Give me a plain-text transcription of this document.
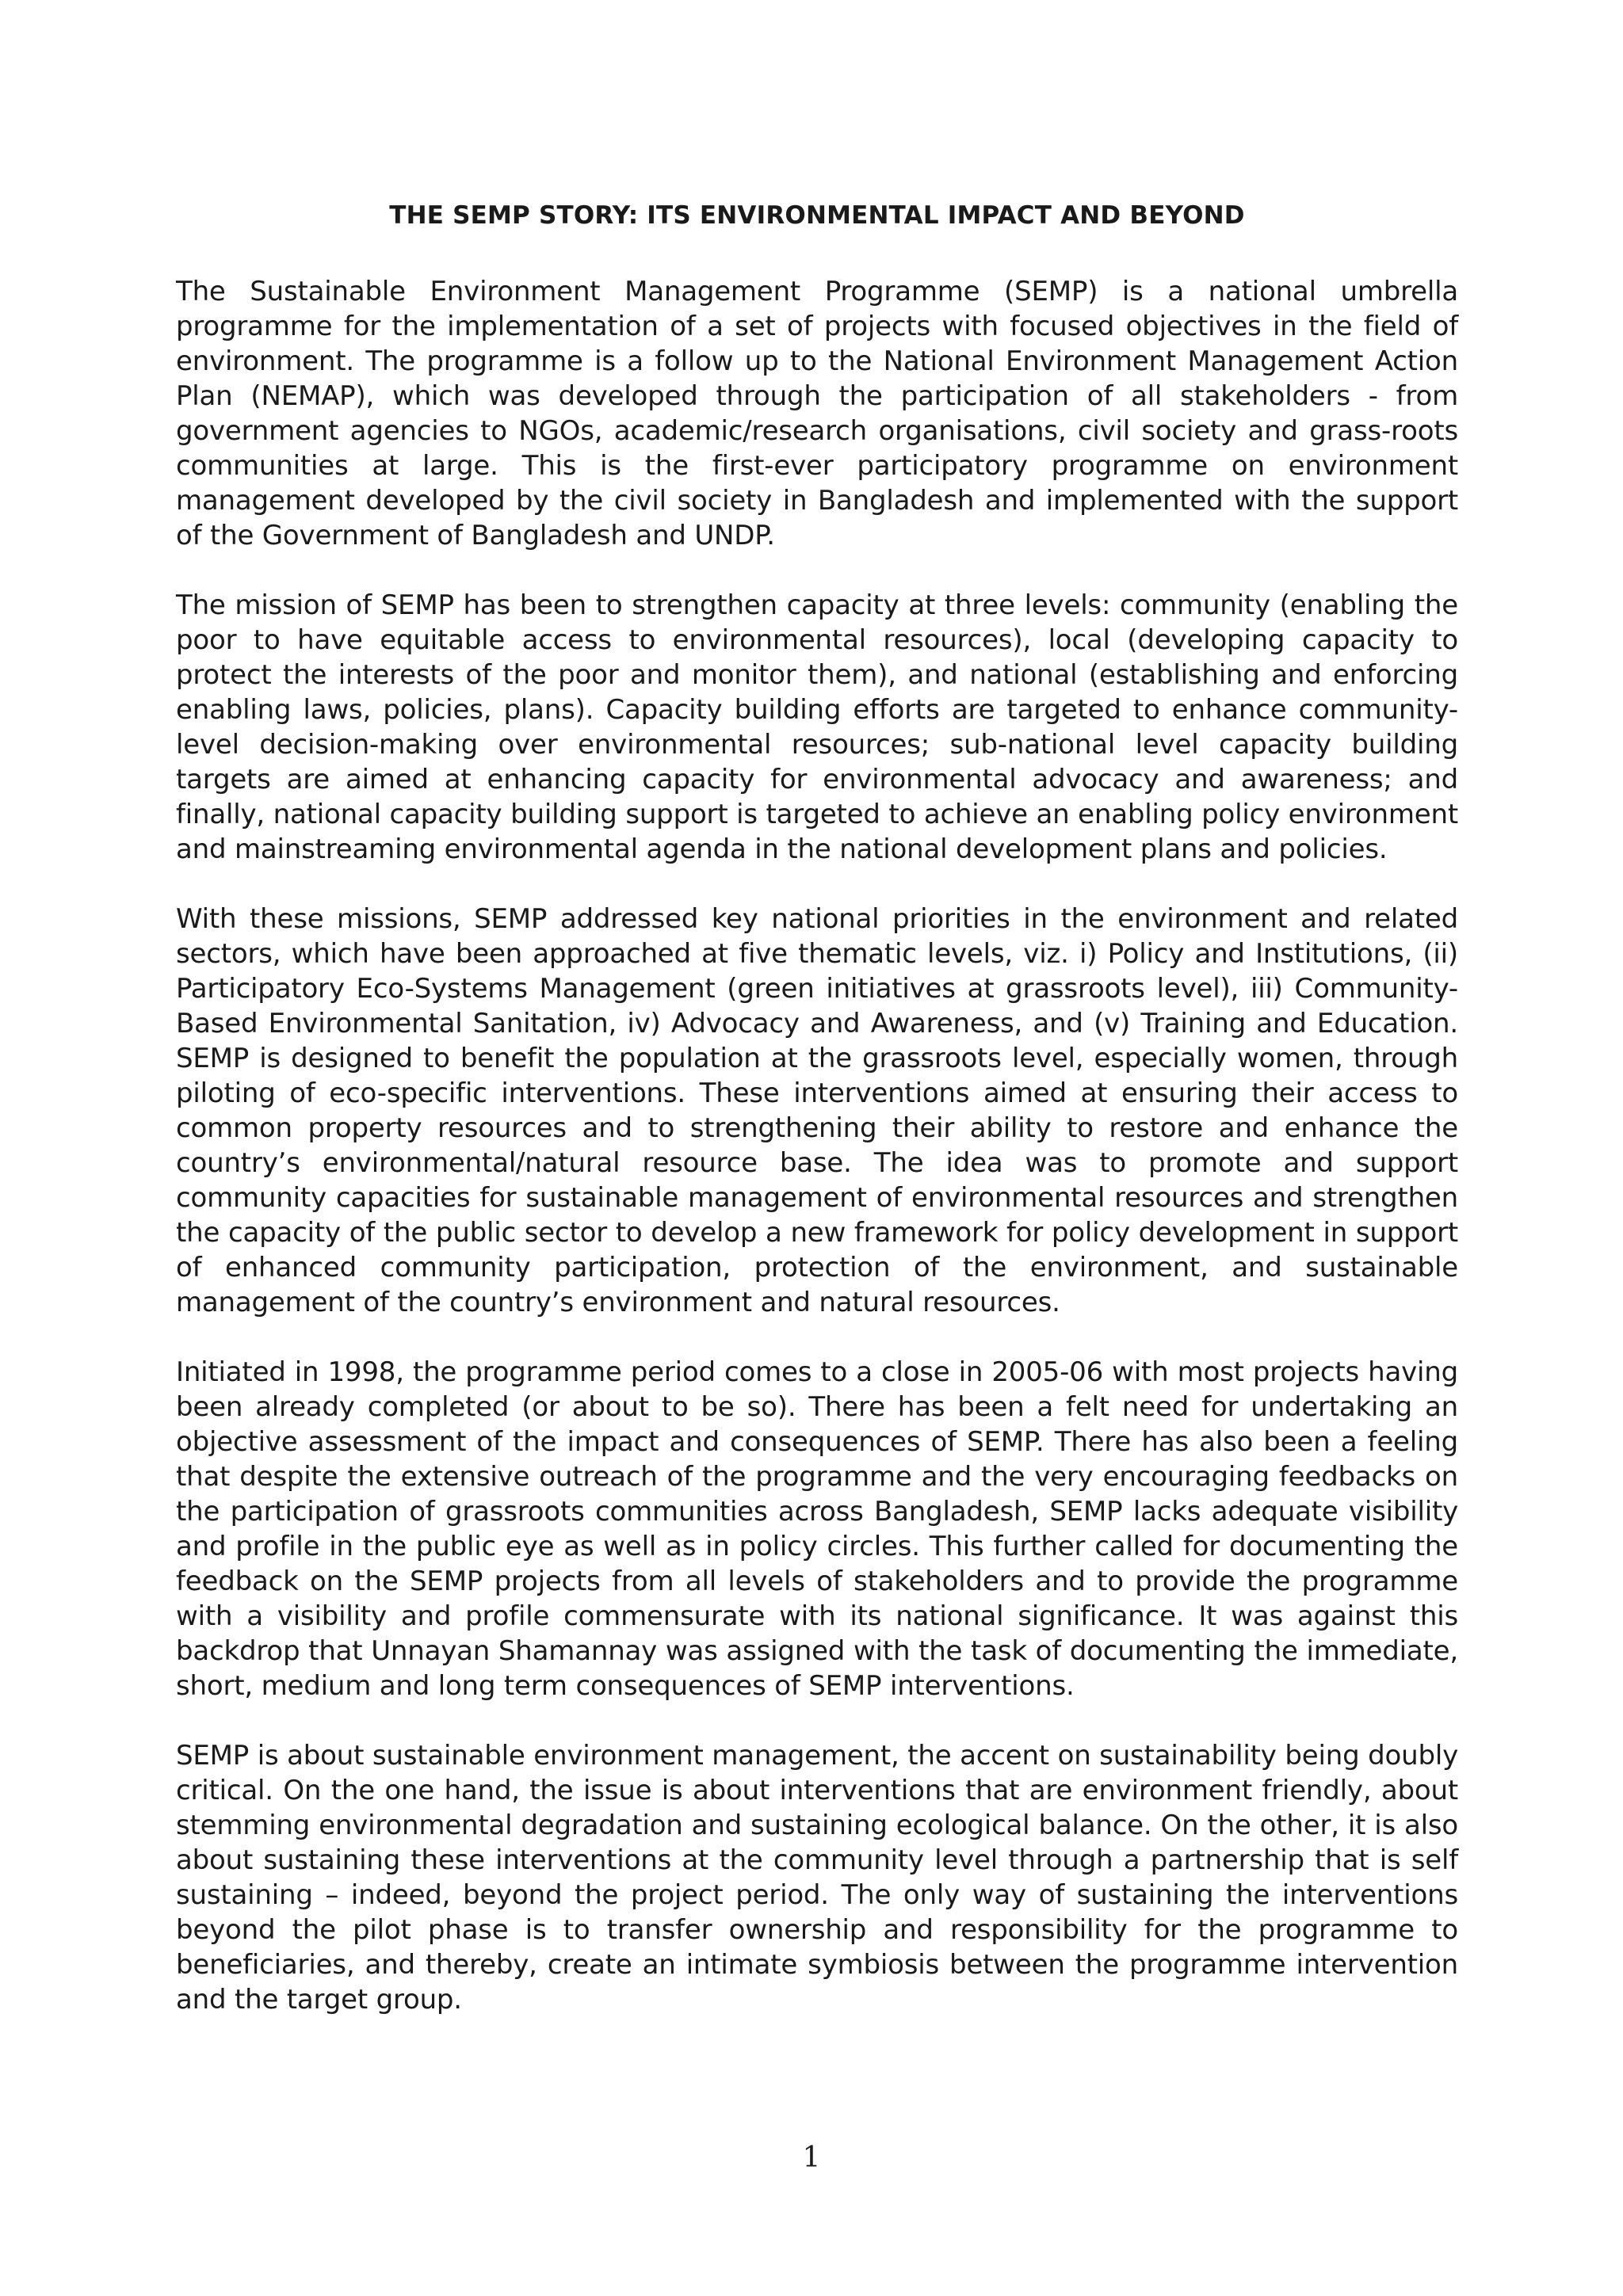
THE SEMP STORY: ITS ENVIRONMENTAL IMPACT AND BEYOND

The Sustainable Environment Management Programme (SEMP) is a national umbrella programme for the implementation of a set of projects with focused objectives in the field of environment. The programme is a follow up to the National Environment Management Action Plan (NEMAP), which was developed through the participation of all stakeholders - from government agencies to NGOs, academic/research organisations, civil society and grass-roots communities at large. This is the first-ever participatory programme on environment management developed by the civil society in Bangladesh and implemented with the support of the Government of Bangladesh and UNDP.

The mission of SEMP has been to strengthen capacity at three levels: community (enabling the poor to have equitable access to environmental resources), local (developing capacity to protect the interests of the poor and monitor them), and national (establishing and enforcing enabling laws, policies, plans). Capacity building efforts are targeted to enhance community-level decision-making over environmental resources; sub-national level capacity building targets are aimed at enhancing capacity for environmental advocacy and awareness; and finally, national capacity building support is targeted to achieve an enabling policy environment and mainstreaming environmental agenda in the national development plans and policies.

With these missions, SEMP addressed key national priorities in the environment and related sectors, which have been approached at five thematic levels, viz. i) Policy and Institutions, (ii) Participatory Eco-Systems Management (green initiatives at grassroots level), iii) Community-Based Environmental Sanitation, iv) Advocacy and Awareness, and (v) Training and Education. SEMP is designed to benefit the population at the grassroots level, especially women, through piloting of eco-specific interventions. These interventions aimed at ensuring their access to common property resources and to strengthening their ability to restore and enhance the country’s environmental/natural resource base. The idea was to promote and support community capacities for sustainable management of environmental resources and strengthen the capacity of the public sector to develop a new framework for policy development in support of enhanced community participation, protection of the environment, and sustainable management of the country’s environment and natural resources.

Initiated in 1998, the programme period comes to a close in 2005-06 with most projects having been already completed (or about to be so). There has been a felt need for undertaking an objective assessment of the impact and consequences of SEMP. There has also been a feeling that despite the extensive outreach of the programme and the very encouraging feedbacks on the participation of grassroots communities across Bangladesh, SEMP lacks adequate visibility and profile in the public eye as well as in policy circles. This further called for documenting the feedback on the SEMP projects from all levels of stakeholders and to provide the programme with a visibility and profile commensurate with its national significance. It was against this backdrop that Unnayan Shamannay was assigned with the task of documenting the immediate, short, medium and long term consequences of SEMP interventions.

SEMP is about sustainable environment management, the accent on sustainability being doubly critical. On the one hand, the issue is about interventions that are environment friendly, about stemming environmental degradation and sustaining ecological balance. On the other, it is also about sustaining these interventions at the community level through a partnership that is self sustaining – indeed, beyond the project period. The only way of sustaining the interventions beyond the pilot phase is to transfer ownership and responsibility for the programme to beneficiaries, and thereby, create an intimate symbiosis between the programme intervention and the target group.

1
